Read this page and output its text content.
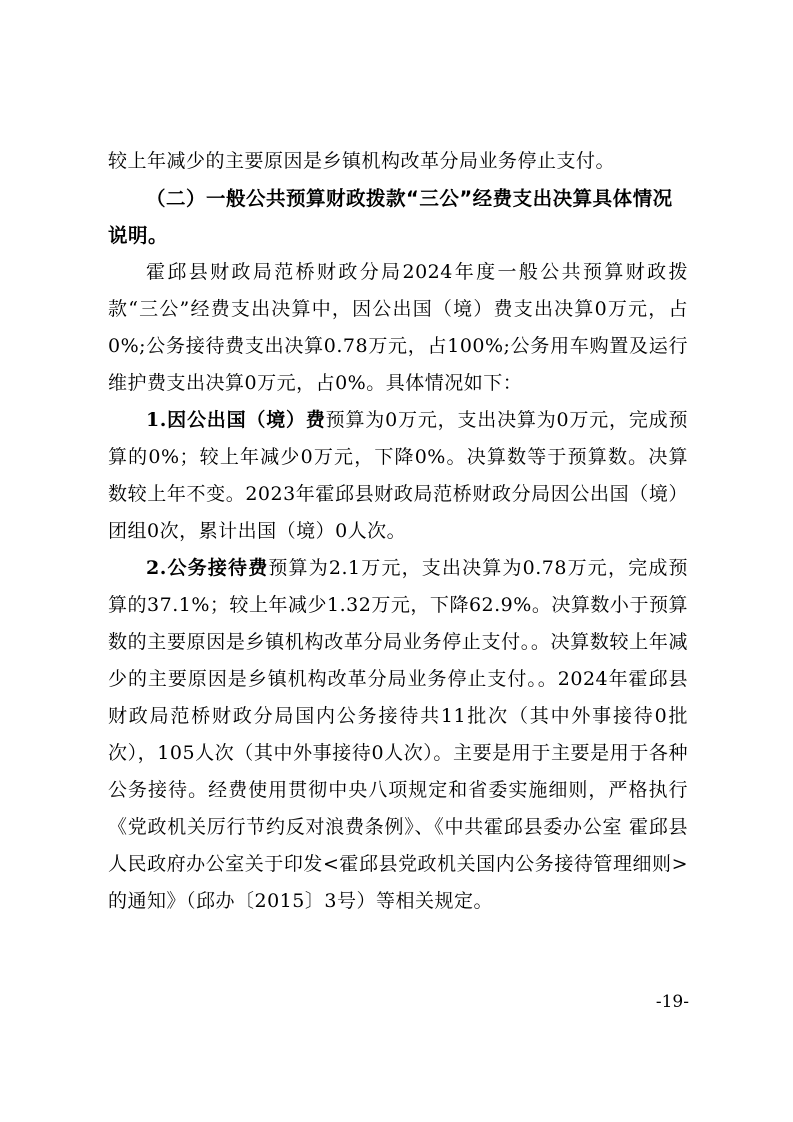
较上年减少的主要原因是乡镇机构改革分局业务停止支付。

（二）一般公共预算财政拨款“三公”经费支出决算具体情况说明。

霍邱县财政局范桥财政分局2024年度一般公共预算财政拨款“三公”经费支出决算中，因公出国（境）费支出决算0万元，占0%;公务接待费支出决算0.78万元，占100%;公务用车购置及运行维护费支出决算0万元，占0%。具体情况如下：

1.因公出国（境）费预算为0万元，支出决算为0万元，完成预算的0%；较上年减少0万元，下降0%。决算数等于预算数。决算数较上年不变。2023年霍邱县财政局范桥财政分局因公出国（境）团组0次，累计出国（境）0人次。

2.公务接待费预算为2.1万元，支出决算为0.78万元，完成预算的37.1%；较上年减少1.32万元，下降62.9%。决算数小于预算数的主要原因是乡镇机构改革分局业务停止支付。。决算数较上年减少的主要原因是乡镇机构改革分局业务停止支付。。2024年霍邱县财政局范桥财政分局国内公务接待共11批次（其中外事接待0批次），105人次（其中外事接待0人次）。主要是用于主要是用于各种公务接待。经费使用贯彻中央八项规定和省委实施细则，严格执行《党政机关厉行节约反对浪费条例》、《中共霍邱县委办公室 霍邱县人民政府办公室关于印发<霍邱县党政机关国内公务接待管理细则>的通知》（邱办〔2015〕3号）等相关规定。

-19-
